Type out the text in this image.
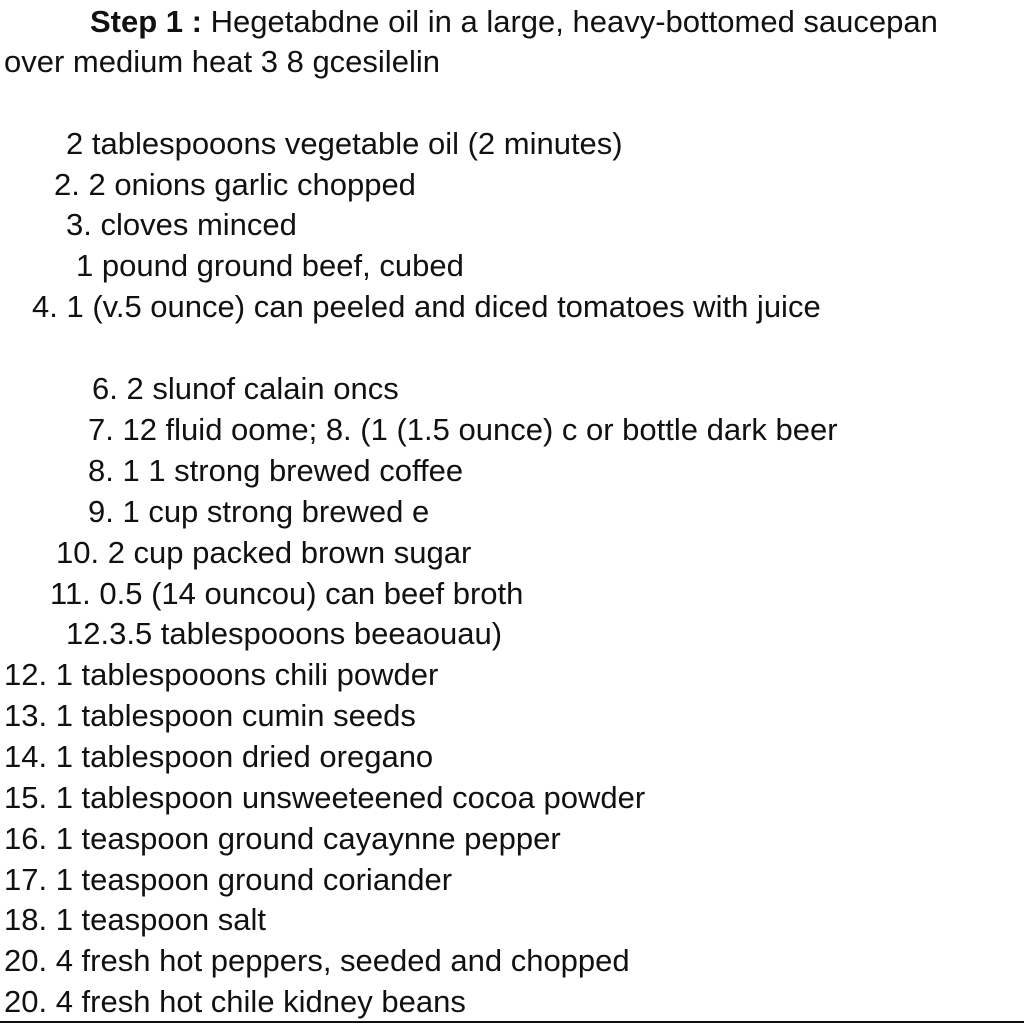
Step 1 : Hegetabdne oil in a large, heavy-bottomed saucepan
over medium heat 3 8 gcesilelin
2 tablespooons vegetable oil (2 minutes)
2. 2 onions garlic chopped
3. cloves minced
1 pound ground beef, cubed
4. 1 (v.5 ounce) can peeled and diced tomatoes with juice
6. 2 slunof calain oncs
7. 12 fluid oome; 8. (1 (1.5 ounce) c or bottle dark beer
8. 1 1 strong brewed coffee
9. 1 cup strong brewed e
10. 2 cup packed brown sugar
11. 0.5 (14 ouncou) can beef broth
12.3.5 tablespooons beeaouau)
12. 1 tablespooons chili powder
13. 1 tablespoon cumin seeds
14. 1 tablespoon dried oregano
15. 1 tablespoon unsweeteened cocoa powder
16. 1 teaspoon ground cayaynne pepper
17. 1 teaspoon ground coriander
18. 1 teaspoon salt
20. 4 fresh hot peppers, seeded and chopped
20. 4 fresh hot chile kidney beans
